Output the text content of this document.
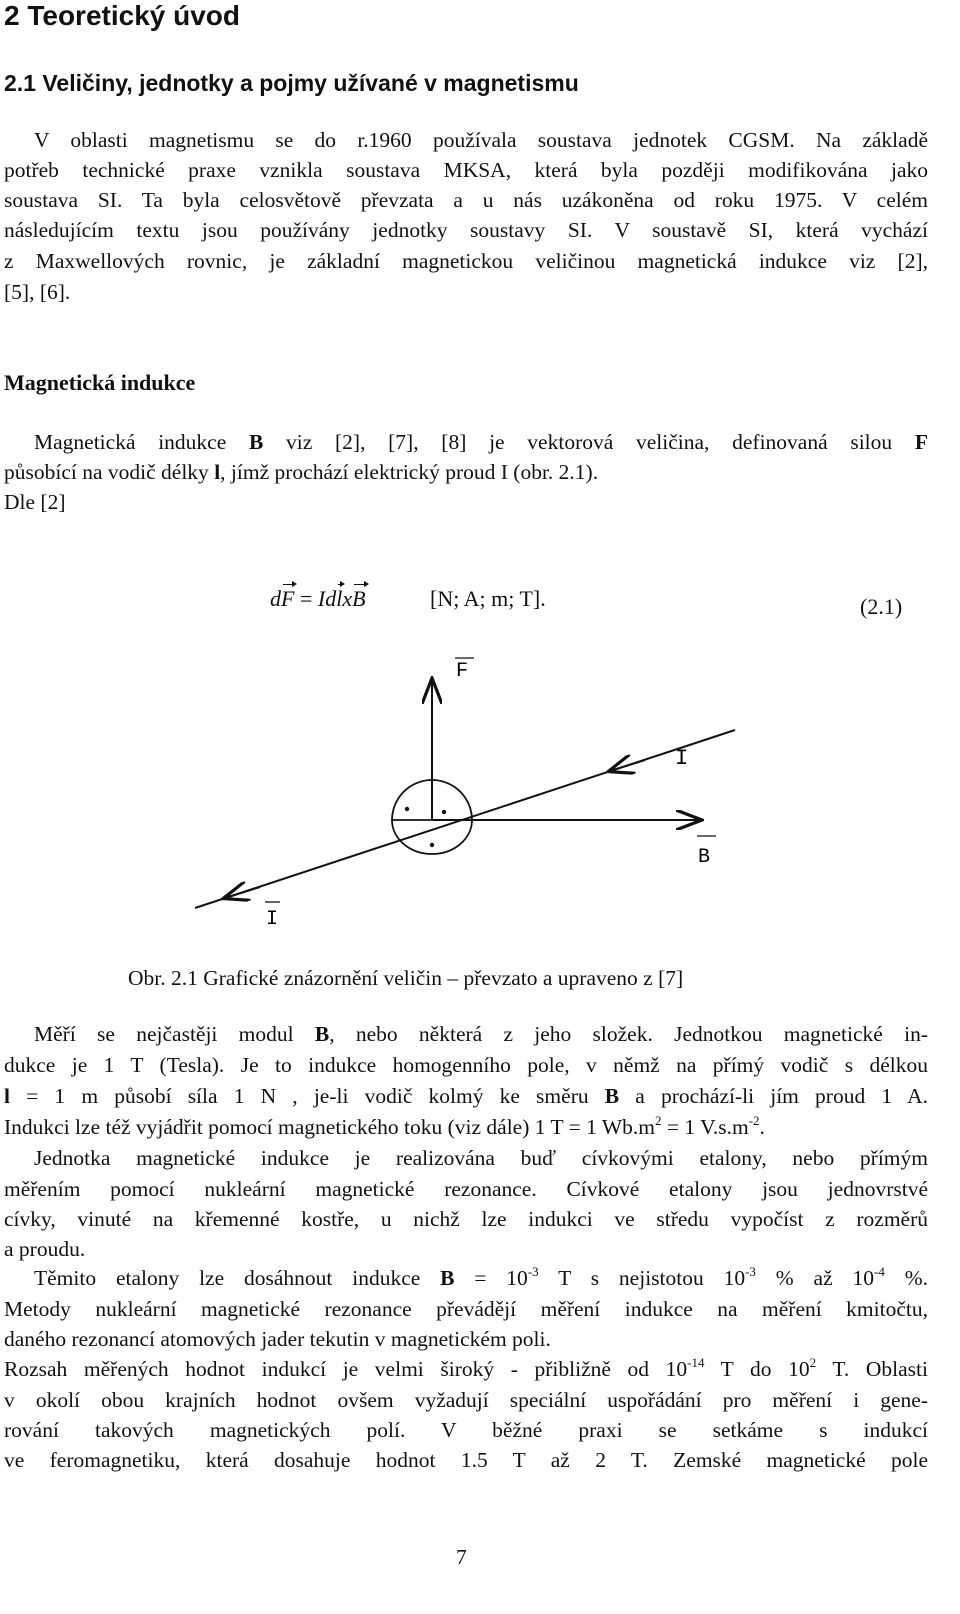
2 Teoretický úvod
2.1 Veličiny, jednotky a pojmy užívané v magnetismu
V oblasti magnetismu se do r.1960 používala soustava jednotek CGSM. Na základě
potřeb technické praxe vznikla soustava MKSA, která byla později modifikována jako
soustava SI. Ta byla celosvětově převzata a u nás uzákoněna od roku 1975. V celém
následujícím textu jsou používány jednotky soustavy SI. V soustavě SI, která vychází
z Maxwellových rovnic, je základní magnetickou veličinou magnetická indukce viz [2],
[5], [6].
Magnetická indukce
Magnetická indukce B viz [2], [7], [8] je vektorová veličina, definovaná silou F
působící na vodič délky l, jímž prochází elektrický proud I (obr. 2.1).
Dle [2]
dF = IdlxB	[N; A; m; T].	(2.1)
F
I
B
I
Obr. 2.1 Grafické znázornění veličin – převzato a upraveno z [7]
Měří se nejčastěji modul B, nebo některá z jeho složek. Jednotkou magnetické in-
dukce je 1 T (Tesla). Je to indukce homogenního pole, v němž na přímý vodič s délkou
l = 1 m působí síla 1 N , je-li vodič kolmý ke směru B a prochází-li jím proud 1 A.
Indukci lze též vyjádřit pomocí magnetického toku (viz dále) 1 T = 1 $Wb.m^2 = 1$ $V.s.m^{-2}$.
Jednotka magnetické indukce je realizována buď cívkovými etalony, nebo přímým
měřením pomocí nukleární magnetické rezonance. Cívkové etalony jsou jednovrstvé
cívky, vinuté na křemenné kostře, u nichž lze indukci ve středu vypočíst z rozměrů
a proudu.
Těmito etalony lze dosáhnout indukce $B = 10^{-3}$ T s nejistotou $10^{-3}$ % až $10^{-4}$ %.
Metody nukleární magnetické rezonance převádějí měření indukce na měření kmitočtu,
daného rezonancí atomových jader tekutin v magnetickém poli.
Rozsah měřených hodnot indukcí je velmi široký - přibližně od $10^{-14}$ T do $10^2$ T. Oblasti
v okolí obou krajních hodnot ovšem vyžadují speciální uspořádání pro měření i gene-
rování takových magnetických polí. V běžné praxi se setkáme s indukcí
ve feromagnetiku, která dosahuje hodnot 1.5 T až 2 T. Zemské magnetické pole
7
